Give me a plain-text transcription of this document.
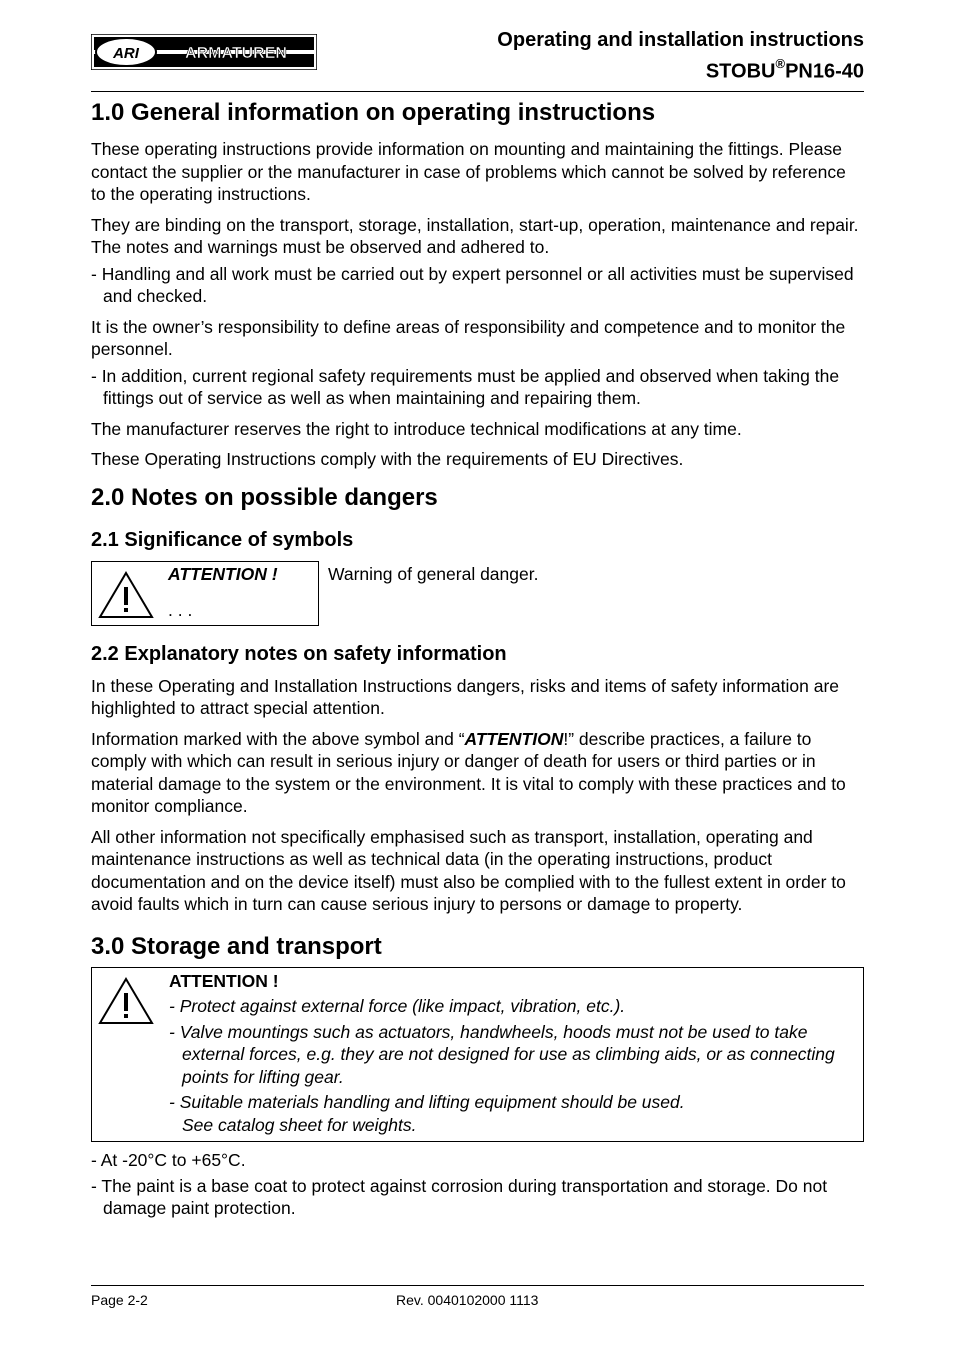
ARI	ARMATUREN
Operating and installation instructions
STOBU®PN16-40
1.0 General information on operating instructions

These operating instructions provide information on mounting and maintaining the fittings. Please contact the supplier or the manufacturer in case of problems which cannot be solved by reference to the operating instructions.

They are binding on the transport, storage, installation, start-up, operation, maintenance and repair.

The notes and warnings must be observed and adhered to.

- Handling and all work must be carried out by expert personnel or all activities must be supervised and checked.

It is the owner’s responsibility to define areas of responsibility and competence and to monitor the personnel.

- In addition, current regional safety requirements must be applied and observed when taking the fittings out of service as well as when maintaining and repairing them.

The manufacturer reserves the right to introduce technical modifications at any time.

These Operating Instructions comply with the requirements of EU Directives.

2.0 Notes on possible dangers
2.1 Significance of symbols
ATTENTION !
. . .
Warning of general danger.
2.2 Explanatory notes on safety information

In these Operating and Installation Instructions dangers, risks and items of safety information are highlighted to attract special attention.

Information marked with the above symbol and “ATTENTION!” describe practices, a failure to comply with which can result in serious injury or danger of death for users or third parties or in material damage to the system or the environment. It is vital to comply with these practices and to monitor compliance.

All other information not specifically emphasised such as transport, installation, operating and maintenance instructions as well as technical data (in the operating instructions, product documentation and on the device itself) must also be complied with to the fullest extent in order to avoid faults which in turn can cause serious injury to persons or damage to property.

3.0 Storage and transport
ATTENTION !
- Protect against external force (like impact, vibration, etc.).
- Valve mountings such as actuators, handwheels, hoods must not be used to take external forces, e.g. they are not designed for use as climbing aids, or as connecting points for lifting gear.
- Suitable materials handling and lifting equipment should be used.
See catalog sheet for weights.
- At -20°C to +65°C.
- The paint is a base coat to protect against corrosion during transportation and storage. Do not damage paint protection.
Page 2-2	Rev. 0040102000 1113
